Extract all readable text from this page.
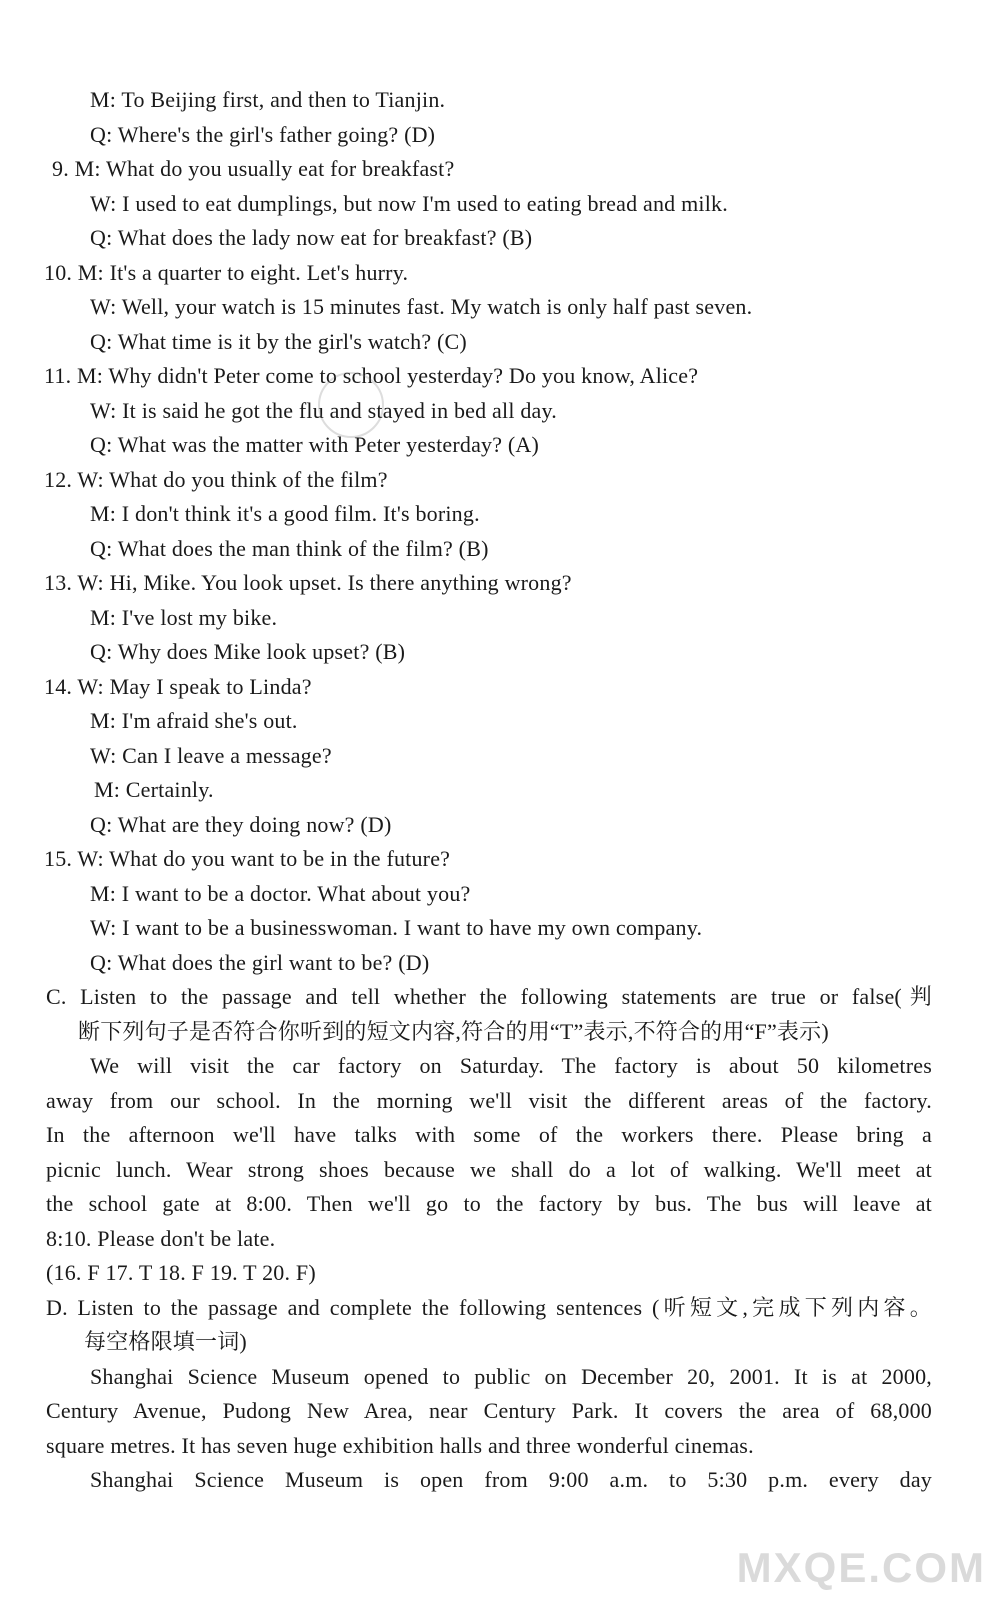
M: To Beijing first, and then to Tianjin.
Q: Where's the girl's father going? (D)
9. M: What do you usually eat for breakfast?
W: I used to eat dumplings, but now I'm used to eating bread and milk.
Q: What does the lady now eat for breakfast? (B)
10. M: It's a quarter to eight. Let's hurry.
W: Well, your watch is 15 minutes fast. My watch is only half past seven.
Q: What time is it by the girl's watch? (C)
11. M: Why didn't Peter come to school yesterday? Do you know, Alice?
W: It is said he got the flu and stayed in bed all day.
Q: What was the matter with Peter yesterday? (A)
12. W: What do you think of the film?
M: I don't think it's a good film. It's boring.
Q: What does the man think of the film? (B)
13. W: Hi, Mike. You look upset. Is there anything wrong?
M: I've lost my bike.
Q: Why does Mike look upset? (B)
14. W: May I speak to Linda?
M: I'm afraid she's out.
W: Can I leave a message?
M: Certainly.
Q: What are they doing now? (D)
15. W: What do you want to be in the future?
M: I want to be a doctor. What about you?
W: I want to be a businesswoman. I want to have my own company.
Q: What does the girl want to be? (D)
C. Listen to the passage and tell whether the following statements are true or false(判
断下列句子是否符合你听到的短文内容,符合的用“T”表示,不符合的用“F”表示)
We will visit the car factory on Saturday. The factory is about 50 kilometres
away from our school. In the morning we'll visit the different areas of the factory.
In the afternoon we'll have talks with some of the workers there. Please bring a
picnic lunch. Wear strong shoes because we shall do a lot of walking. We'll meet at
the school gate at 8:00. Then we'll go to the factory by bus. The bus will leave at
8:10. Please don't be late.
(16. F 17. T 18. F 19. T 20. F)
D. Listen to the passage and complete the following sentences (听短文,完成下列内容。
每空格限填一词)
Shanghai Science Museum opened to public on December 20, 2001. It is at 2000,
Century Avenue, Pudong New Area, near Century Park. It covers the area of 68,000
square metres. It has seven huge exhibition halls and three wonderful cinemas.
Shanghai Science Museum is open from 9:00 a.m. to 5:30 p.m. every day
MXQE.COM
